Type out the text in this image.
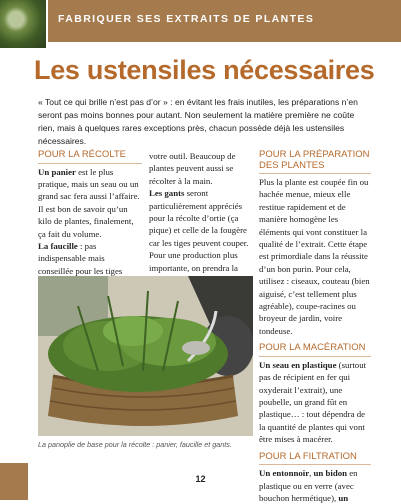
FABRIQUER SES EXTRAITS DE PLANTES
Les ustensiles nécessaires

« Tout ce qui brille n’est pas d’or » : en évitant les frais inutiles, les préparations n’en seront pas moins bonnes pour autant. Non seulement la matière première ne coûte rien, mais à quelques rares exceptions près, chacun possède déjà les ustensiles nécessaires.

POUR LA RÉCOLTE

Un panier est le plus pratique, mais un seau ou un grand sac fera aussi l’affaire. Il est bon de savoir qu’un kilo de plantes, finalement, ça fait du volume.

La faucille : pas indispensable mais conseillée pour les tiges

votre outil. Beaucoup de plantes peuvent aussi se récolter à la main.

Les gants seront particulièrement appréciés pour la récolte d’ortie (ça pique) et celle de la fougère car les tiges peuvent couper. Pour une production plus importante, on prendra la

POUR LA PRÉPARATION DES PLANTES

Plus la plante est coupée fin ou hachée menue, mieux elle restitue rapidement et de manière homogène les éléments qui vont constituer la qualité de l’extrait. Cette étape est primordiale dans la réussite d’un bon purin. Pour cela, utilisez : ciseaux, couteau (bien aiguisé, c’est tellement plus agréable), coupe-racines ou broyeur de jardin, voire tondeuse.

POUR LA MACÉRATION

Un seau en plastique (surtout pas de récipient en fer qui oxyderait l’extrait), une poubelle, un grand fût en plastique… : tout dépendra de la quantité de plantes qui vont être mises à macérer.

POUR LA FILTRATION

Un entonnoir, un bidon en plastique ou en verre (avec bouchon hermétique), un

La panoplie de base pour la récolte : panier, faucille et gants.
12
